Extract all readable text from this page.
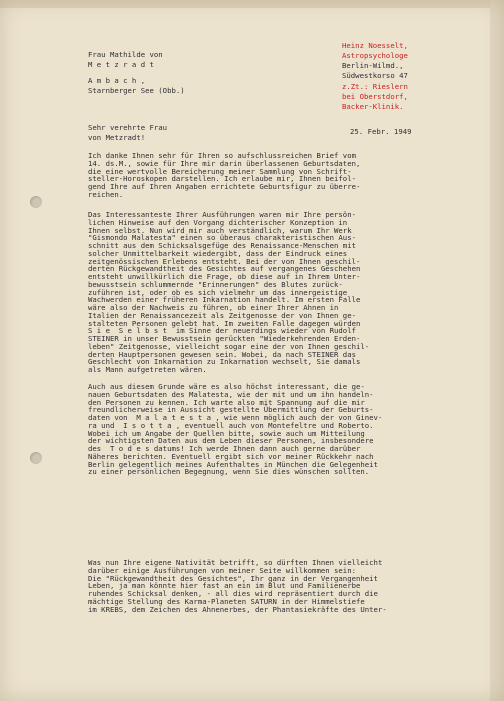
Frau Mathilde von
M e t z r a d t
A m b a c h ,
Starnberger See (Obb.)
Heinz Noesselt,
Astropsychologe
Berlin-Wilmd.,
Südwestkorso 47
z.Zt.: Rieslern
bei Oberstdorf,
Backer-Klinik.
Sehr verehrte Frau
von Metzradt!
25. Febr. 1949
Ich danke Ihnen sehr für Ihren so aufschlussreichen Brief vom
14. ds.M., sowie für Ihre mir darin überlassenen Geburtsdaten,
die eine wertvolle Bereicherung meiner Sammlung von Schrift-
steller-Horoskopen darstellen. Ich erlaube mir, Ihnen beifol-
gend Ihre auf Ihren Angaben errichtete Geburtsfigur zu überre-
reichen.
Das Interessanteste Ihrer Ausführungen waren mir Ihre persön-
lichen Hinweise auf den Vorgang dichterischer Konzeption in
Ihnen selbst. Nun wird mir auch verständlich, warum Ihr Werk
"Gismondo Malatesta" einen so überaus charakteristischen Aus-
schnitt aus dem Schicksalsgefüge des Renaissance-Menschen mit
solcher Unmittelbarkeit wiedergibt, dass der Eindruck eines
zeitgenössischen Erlebens entsteht. Bei der von Ihnen geschil-
derten Rückgewandtheit des Gesichtes auf vergangenes Geschehen
entsteht unwillkürlich die Frage, ob diese auf in Ihrem Unter-
bewusstsein schlummernde "Erinnerungen" des Blutes zurück-
zuführen ist, oder ob es sich vielmehr um das innergeistige
Wachwerden einer früheren Inkarnation handelt. Im ersten Falle
wäre also der Nachweis zu führen, ob einer Ihrer Ahnen in
Italien der Renaissancezeit als Zeitgenosse der von Ihnen ge-
stalteten Personen gelebt hat. Im zweiten Falle dagegen würden
S i e  S e l b s t  im Sinne der neuerdings wieder von Rudolf
STEINER in unser Bewusstsein gerückten "Wiederkehrenden Erden-
leben" Zeitgenosse, vielleicht sogar eine der von Ihnen geschil-
derten Hauptpersonen gewesen sein. Wobei, da nach STEINER das
Geschlecht von Inkarnation zu Inkarnation wechselt, Sie damals
als Mann aufgetreten wären.
Auch aus diesem Grunde wäre es also höchst interessant, die ge-
nauen Geburtsdaten des Malatesta, wie der mit und um ihn handeln-
den Personen zu kennen. Ich warte also mit Spannung auf die mir
freundlicherweise in Aussicht gestellte Übermittlung der Geburts-
daten von  M a l a t e s t a , wie wenn möglich auch der von Ginev-
ra und  I s o t t a , eventuell auch von Montefeltre und Roberto.
Wobei ich um Angabe der Quellen bitte, sowie auch um Mitteilung
der wichtigsten Daten aus dem Leben dieser Personen, insbesondere
des  T o d e s datums! Ich werde Ihnen dann auch gerne darüber
Näheres berichten. Eventuell ergibt sich vor meiner Rückkehr nach
Berlin gelegentlich meines Aufenthaltes in München die Gelegenheit
zu einer persönlichen Begegnung, wenn Sie dies wünschen sollten.
Was nun Ihre eigene Nativität betrifft, so dürften Ihnen vielleicht
darüber einige Ausführungen von meiner Seite willkommen sein:
Die "Rückgewandtheit des Gesichtes", Ihr ganz in der Vergangenheit
Leben, ja man könnte hier fast an ein im Blut und Familienerbe
ruhendes Schicksal denken, - all dies wird repräsentiert durch die
mächtige Stellung des Karma-Planeten SATURN in der Himmelstiefe
im KREBS, dem Zeichen des Ahnenerbes, der Phantasiekräfte des Unter-
